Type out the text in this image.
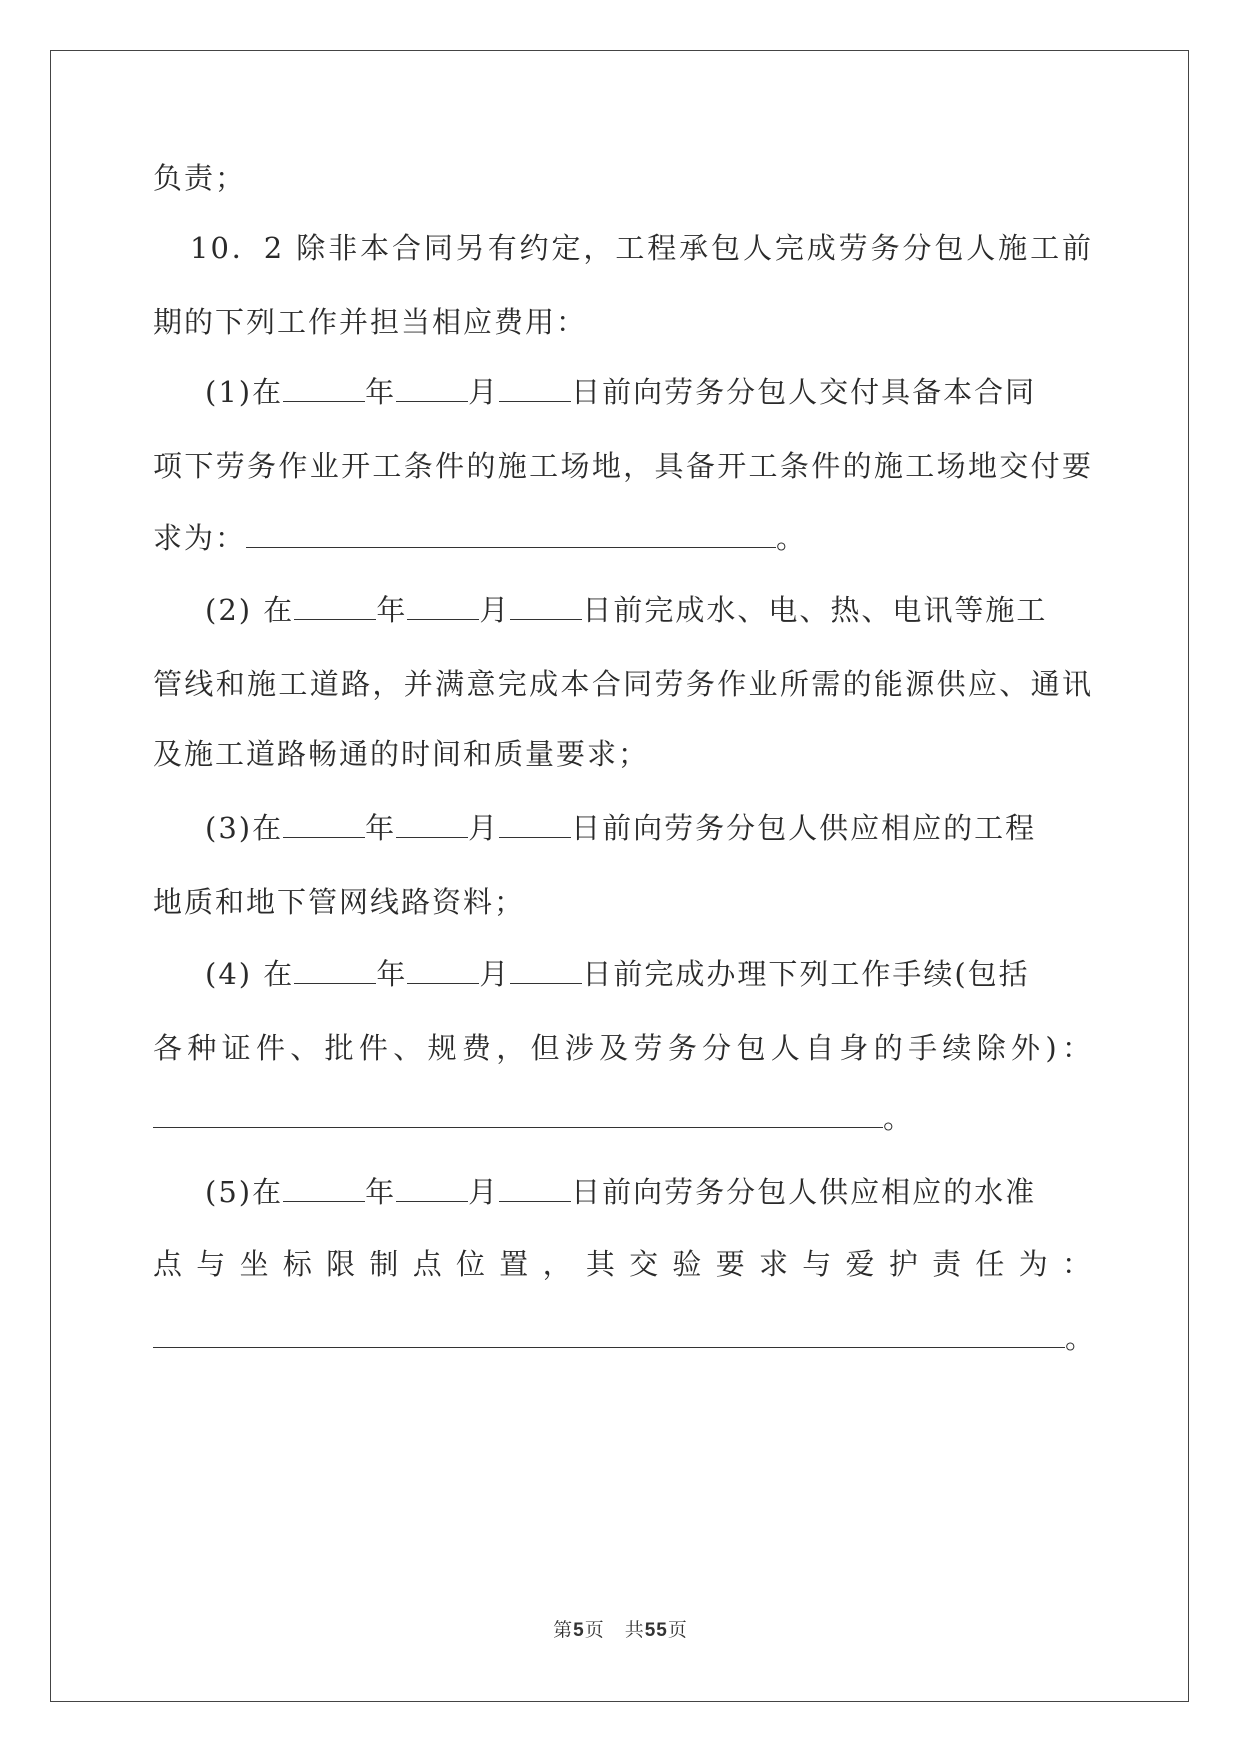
负责；
10．2 除非本合同另有约定，工程承包人完成劳务分包人施工前
期的下列工作并担当相应费用：
(1)在	年 月 日前向劳务分包人交付具备本合同
项下劳务作业开工条件的施工场地，具备开工条件的施工场地交付要
求为：	。
(2) 在	年 月 日前完成水、电、热、电讯等施工
管线和施工道路，并满意完成本合同劳务作业所需的能源供应、通讯
及施工道路畅通的时间和质量要求；
(3)在	年 月 日前向劳务分包人供应相应的工程
地质和地下管网线路资料；
(4) 在	年 月 日前完成办理下列工作手续(包括
各种证件、批件、规费，但涉及劳务分包人自身的手续除外)：
。
(5)在	年 月 日前向劳务分包人供应相应的水准
点与坐标限制点位置，其交验要求与爱护责任为：
。
第5页　共55页
